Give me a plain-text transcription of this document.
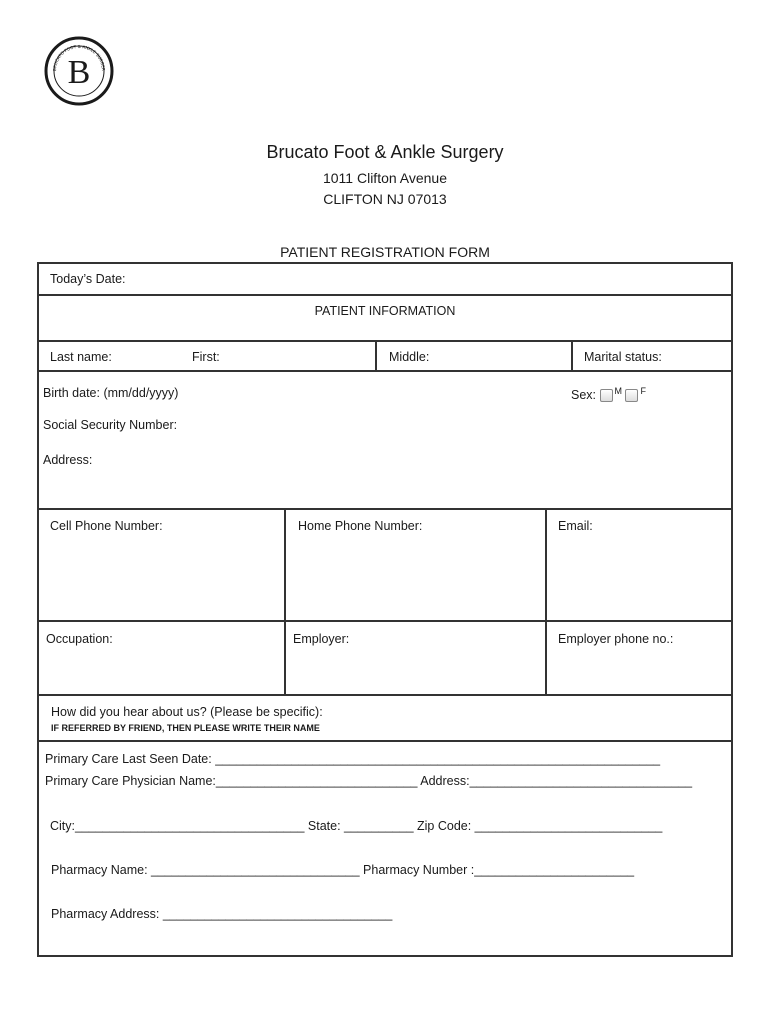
BRUCATO FOOT & ANKLE SURGER
B
Brucato Foot & Ankle Surgery
1011 Clifton Avenue
CLIFTON NJ 07013
PATIENT REGISTRATION FORM
Today’s Date:
PATIENT INFORMATION
Last name:	First:	Middle:	Marital status:
Birth date: (mm/dd/yyyy)	Sex: $^M$ $^F$
Social Security Number:
Address:
Cell Phone Number:	Home Phone Number:	Email:
Occupation:	Employer:	Employer phone no.:
How did you hear about us? (Please be specific):
IF REFERRED BY FRIEND, THEN PLEASE WRITE THEIR NAME
Primary Care Last Seen Date: ________________________________________________________________
Primary Care Physician Name:_____________________________ Address:________________________________
City:_________________________________ State: __________ Zip Code: ___________________________
Pharmacy Name: ______________________________ Pharmacy Number :_______________________
Pharmacy Address: _________________________________
